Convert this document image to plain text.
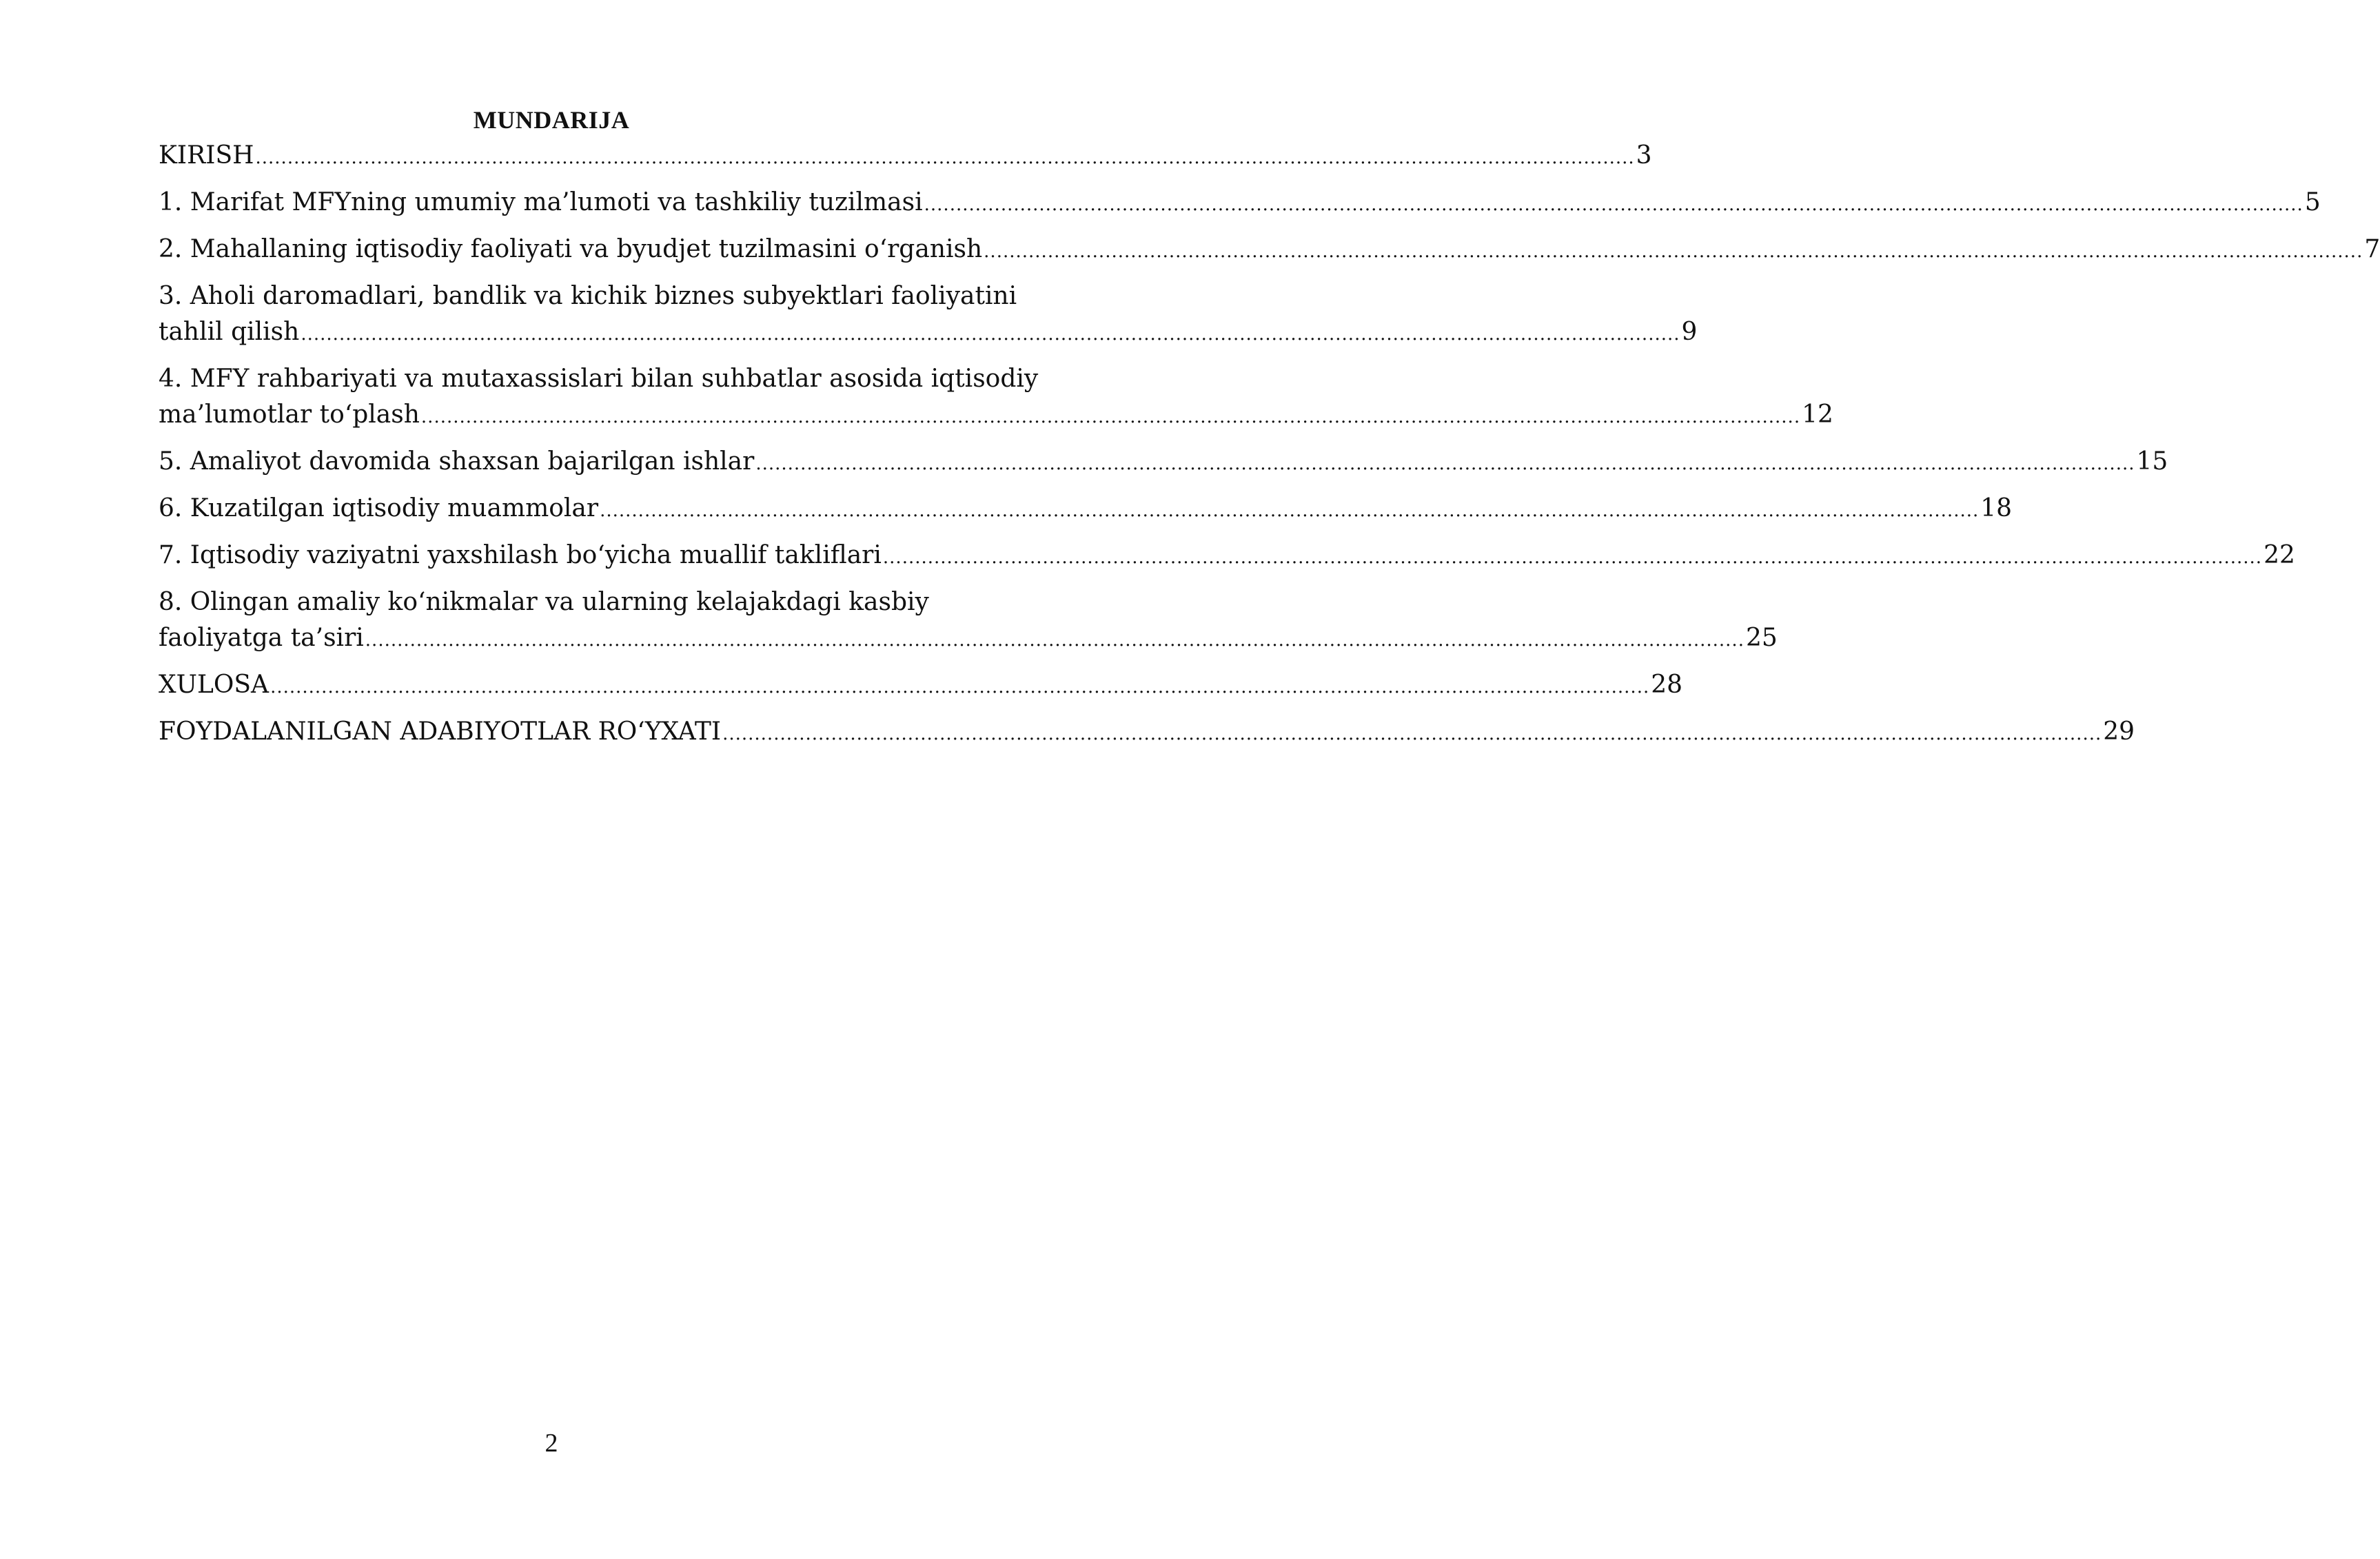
MUNDARIJA
KIRISH ........................................................................................................................................................................................................................ 3
1. Marifat MFYning umumiy ma’lumoti va tashkiliy tuzilmasi ........................................................................................................................................................................................................................ 5
2. Mahallaning iqtisodiy faoliyati va byudjet tuzilmasini o‘rganish ........................................................................................................................................................................................................................ 7
3. Aholi daromadlari, bandlik va kichik biznes subyektlari faoliyatini
tahlil qilish ........................................................................................................................................................................................................................ 9
4. MFY rahbariyati va mutaxassislari bilan suhbatlar asosida iqtisodiy
ma’lumotlar to‘plash ........................................................................................................................................................................................................................ 12
5. Amaliyot davomida shaxsan bajarilgan ishlar ........................................................................................................................................................................................................................ 15
6. Kuzatilgan iqtisodiy muammolar ........................................................................................................................................................................................................................ 18
7. Iqtisodiy vaziyatni yaxshilash bo‘yicha muallif takliflari ........................................................................................................................................................................................................................ 22
8. Olingan amaliy ko‘nikmalar va ularning kelajakdagi kasbiy
faoliyatga ta’siri ........................................................................................................................................................................................................................ 25
XULOSA ........................................................................................................................................................................................................................ 28
FOYDALANILGAN ADABIYOTLAR RO‘YXATI ........................................................................................................................................................................................................................ 29
2
